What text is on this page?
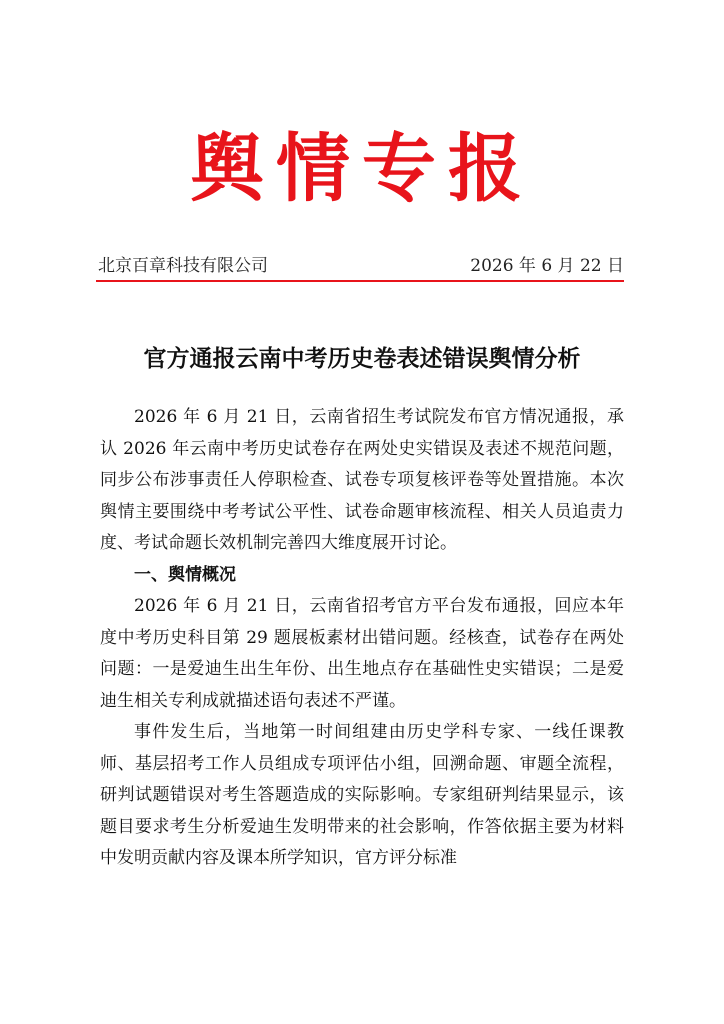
舆情专报
北京百章科技有限公司	2026 年 6 月 22 日
官方通报云南中考历史卷表述错误舆情分析

2026 年 6 月 21 日，云南省招生考试院发布官方情况通报，承认 2026 年云南中考历史试卷存在两处史实错误及表述不规范问题，同步公布涉事责任人停职检查、试卷专项复核评卷等处置措施。本次舆情主要围绕中考考试公平性、试卷命题审核流程、相关人员追责力度、考试命题长效机制完善四大维度展开讨论。

一、舆情概况

2026 年 6 月 21 日，云南省招考官方平台发布通报，回应本年度中考历史科目第 29 题展板素材出错问题。经核查，试卷存在两处问题：一是爱迪生出生年份、出生地点存在基础性史实错误；二是爱迪生相关专利成就描述语句表述不严谨。

事件发生后，当地第一时间组建由历史学科专家、一线任课教师、基层招考工作人员组成专项评估小组，回溯命题、审题全流程，研判试题错误对考生答题造成的实际影响。专家组研判结果显示，该题目要求考生分析爱迪生发明带来的社会影响，作答依据主要为材料中发明贡献内容及课本所学知识，官方评分标准
